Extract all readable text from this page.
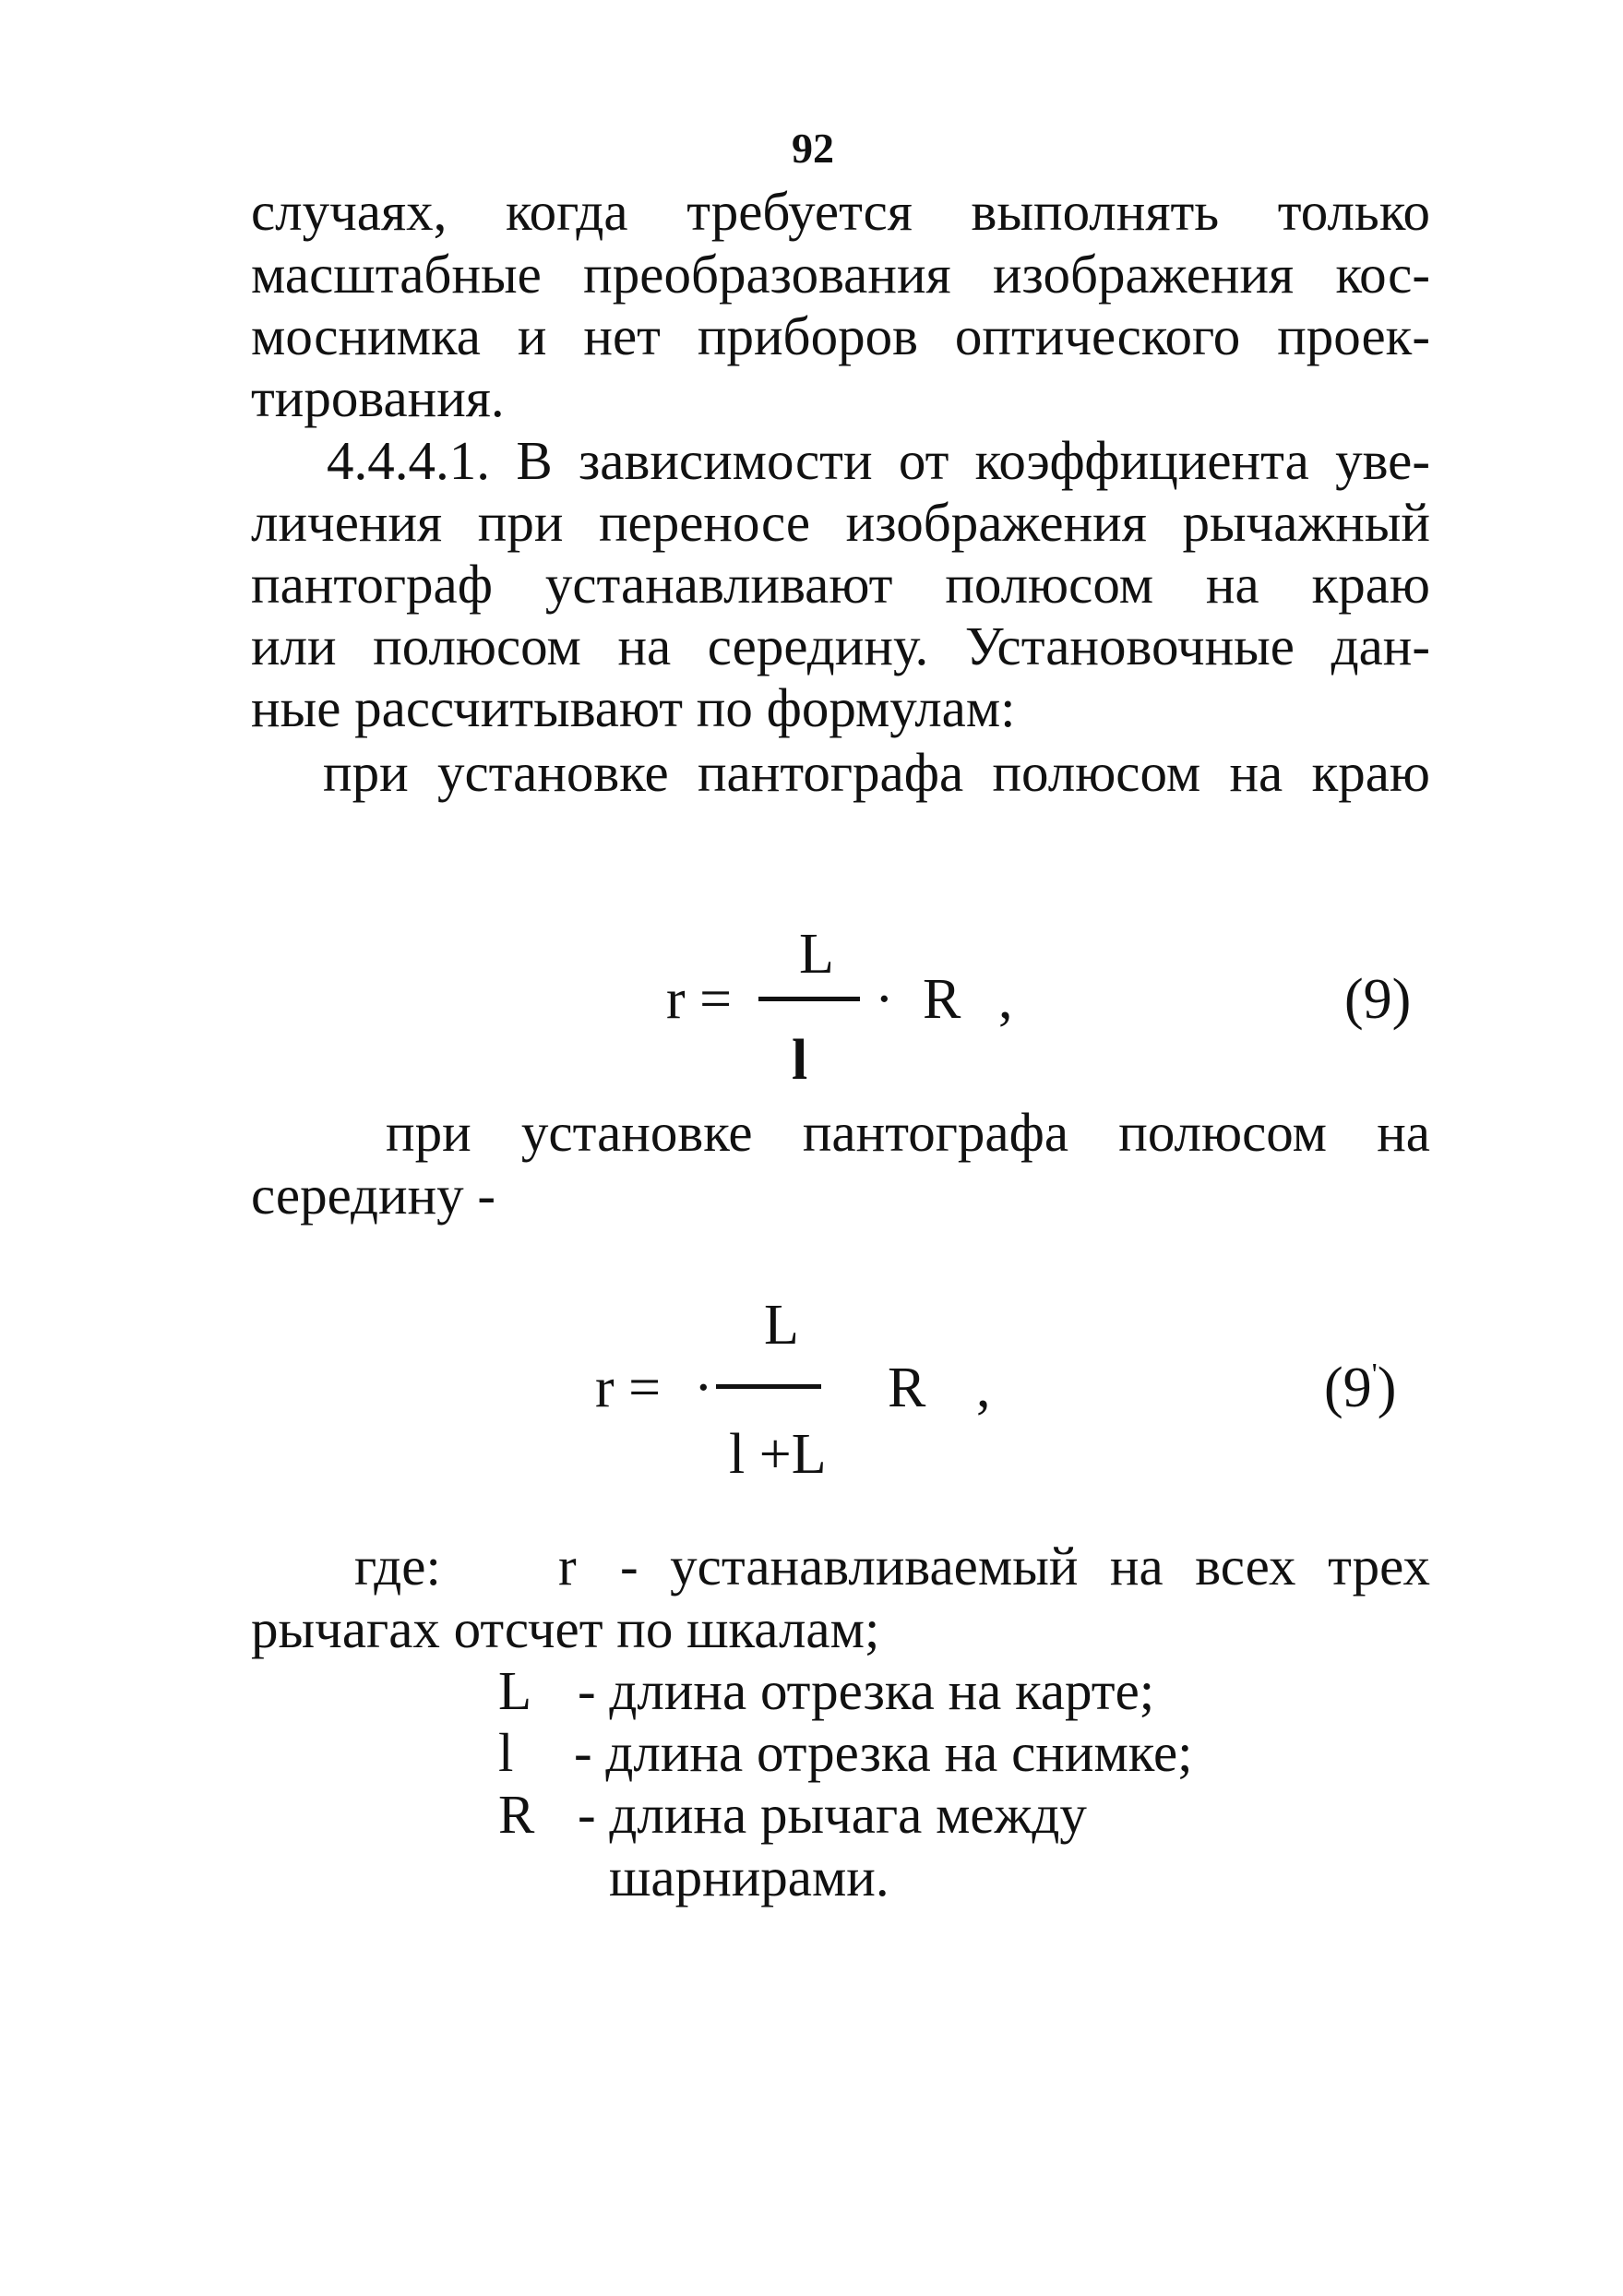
92
случаях, когда требуется выполнять только
масштабные преобразования изображения кос-
моснимка и нет приборов оптического проек-
тирования.
4.4.4.1. В зависимости от коэффициента уве-
личения при переносе изображения рычажный
пантограф устанавливают полюсом на краю
или полюсом на середину. Установочные дан-
ные рассчитывают по формулам:
при установке пантографа полюсом на краю
L
r = · R ,
l
(9)
при установке пантографа полюсом на
середину -
L
r = ·	R ,
l +L
(9')
где: r - устанавливаемый на всех трех
рычагах отсчет по шкалам;
L - длина отрезка на карте;
l - длина отрезка на снимке;
R - длина рычага между
шарнирами.
